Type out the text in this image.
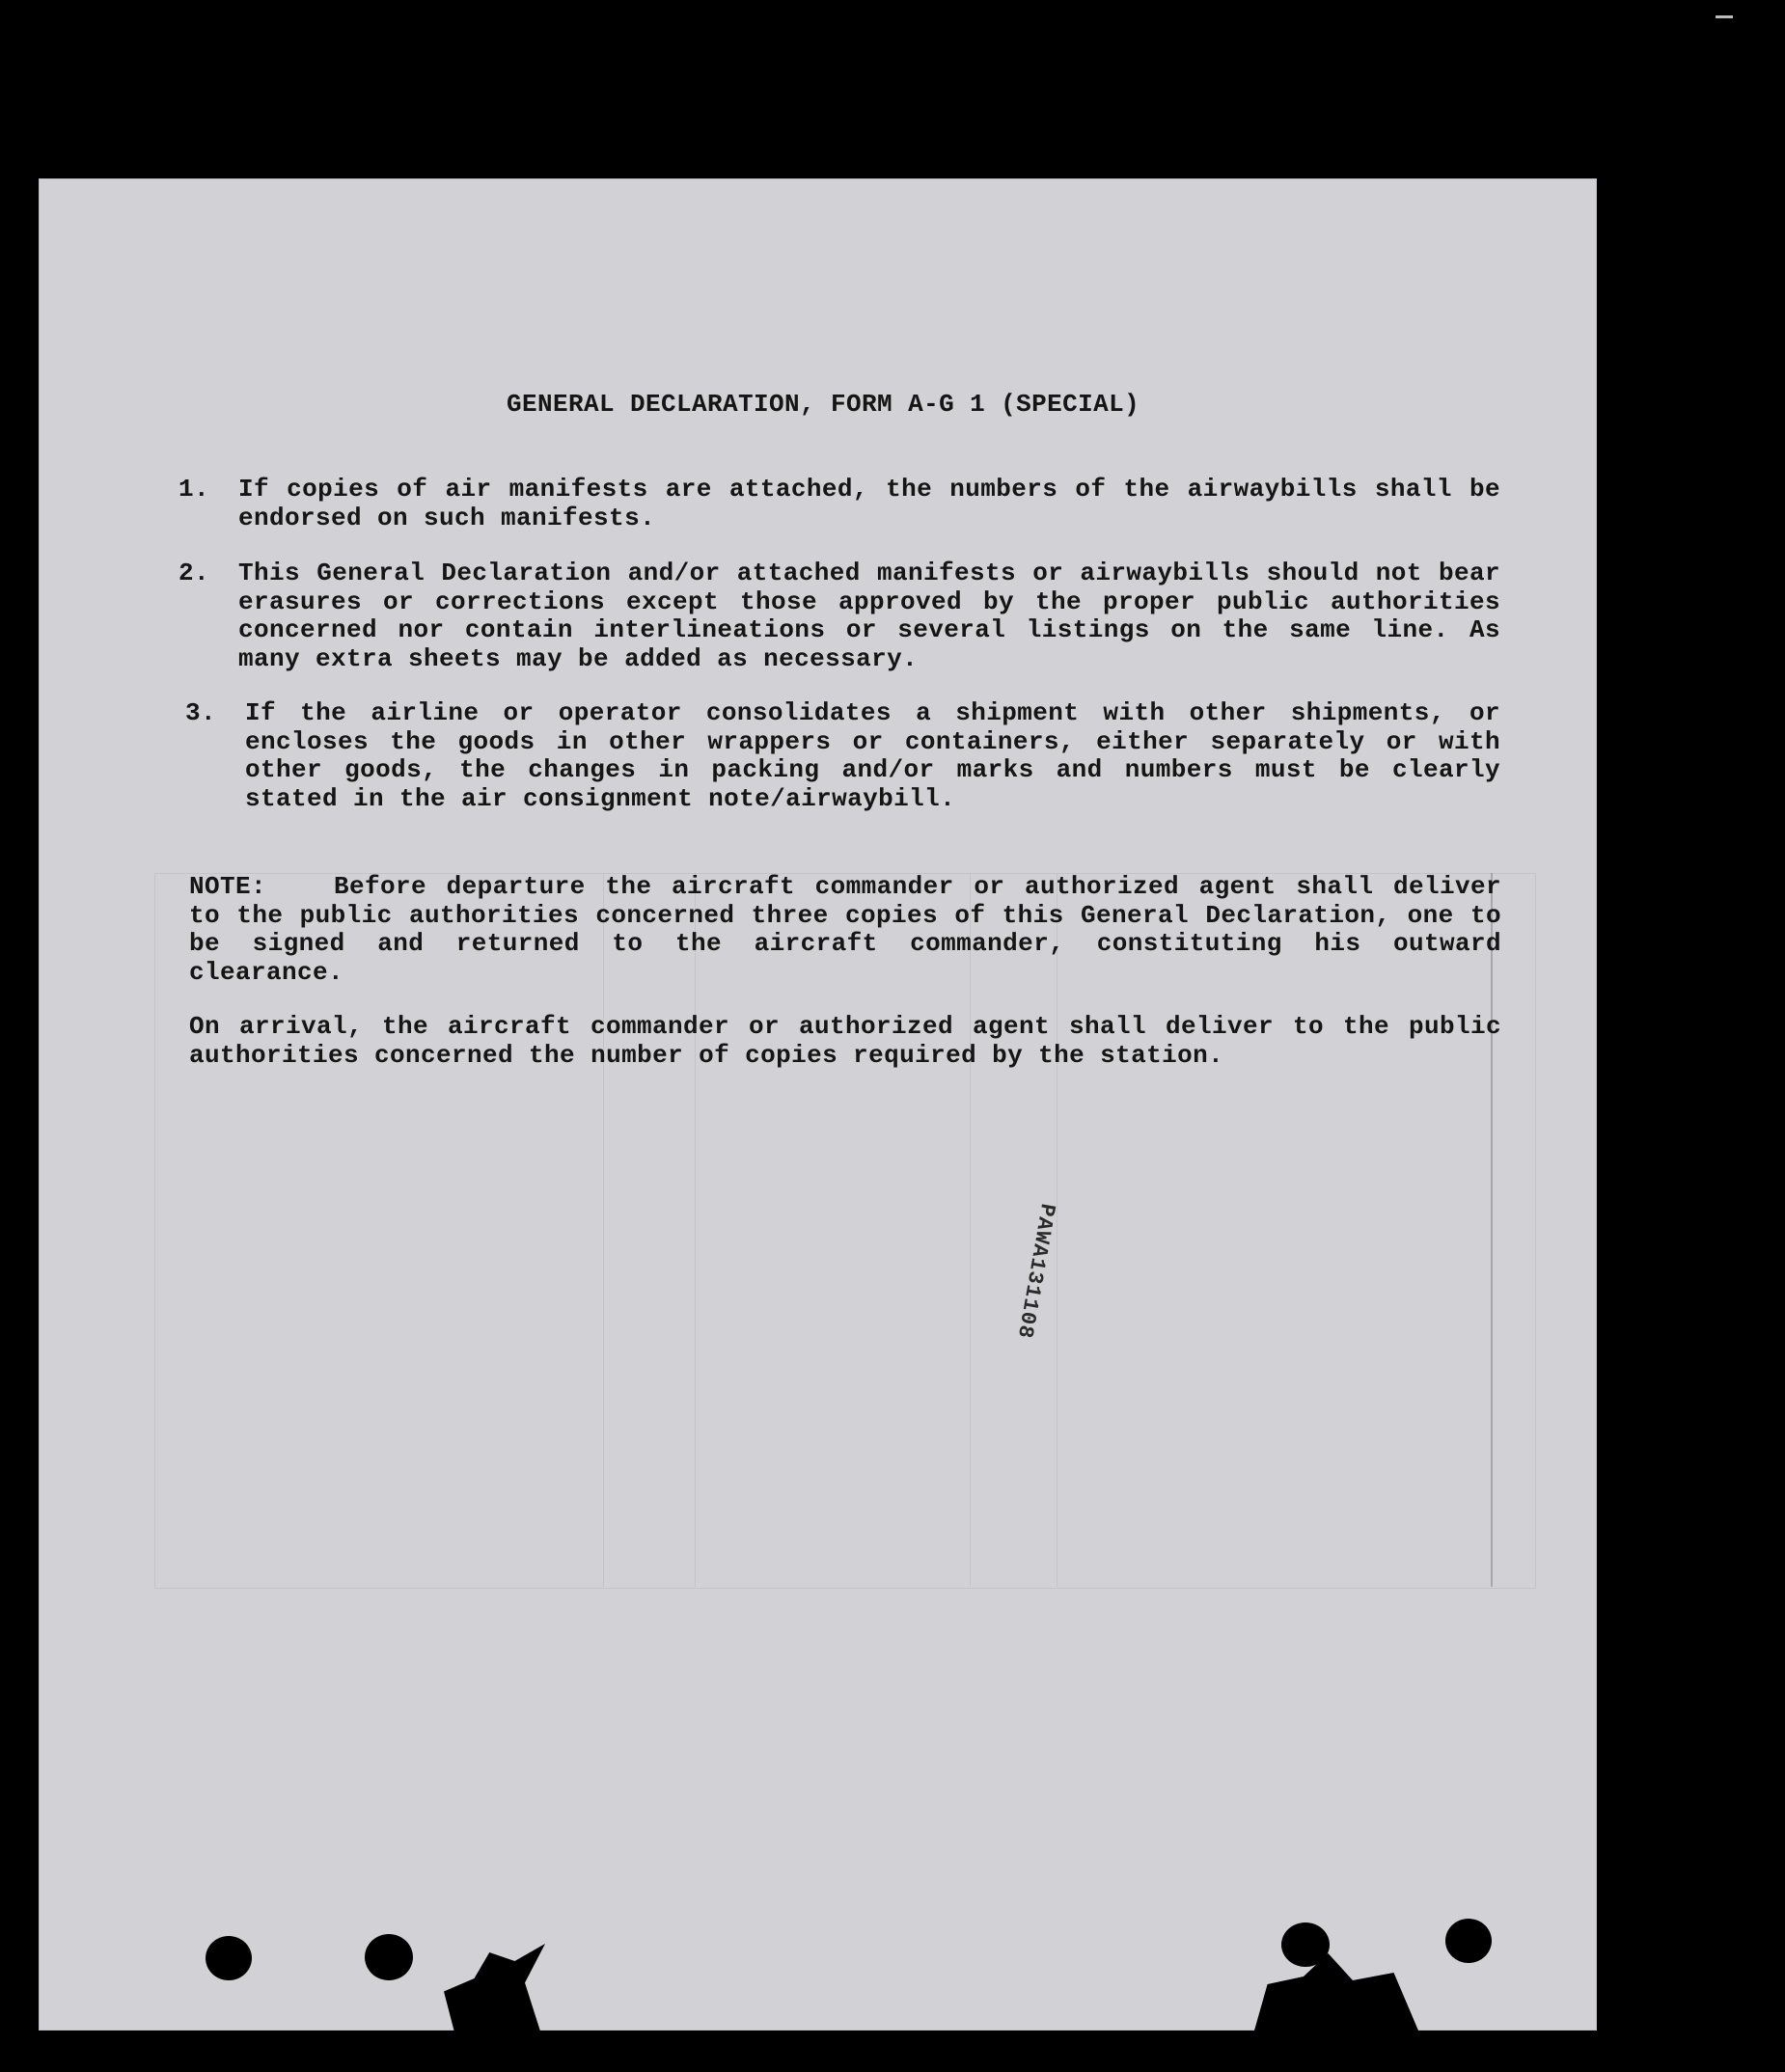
GENERAL DECLARATION, FORM A-G 1 (SPECIAL)
1. If copies of air manifests are attached, the numbers of the airwaybills shall be endorsed on such manifests.
2. This General Declaration and/or attached manifests or airwaybills should not bear erasures or corrections except those approved by the proper public authorities concerned nor contain interlineations or several listings on the same line. As many extra sheets may be added as necessary.
3. If the airline or operator consolidates a shipment with other shipments, or encloses the goods in other wrappers or containers, either separately or with other goods, the changes in packing and/or marks and numbers must be clearly stated in the air consignment note/airwaybill.
NOTE:	Before departure the aircraft commander or authorized agent shall deliver to the public authorities concerned three copies of this General Declaration, one to be signed and returned to the aircraft commander, constituting his outward clearance.
On arrival, the aircraft commander or authorized agent shall deliver to the public authorities concerned the number of copies required by the station.
PAWA131108
